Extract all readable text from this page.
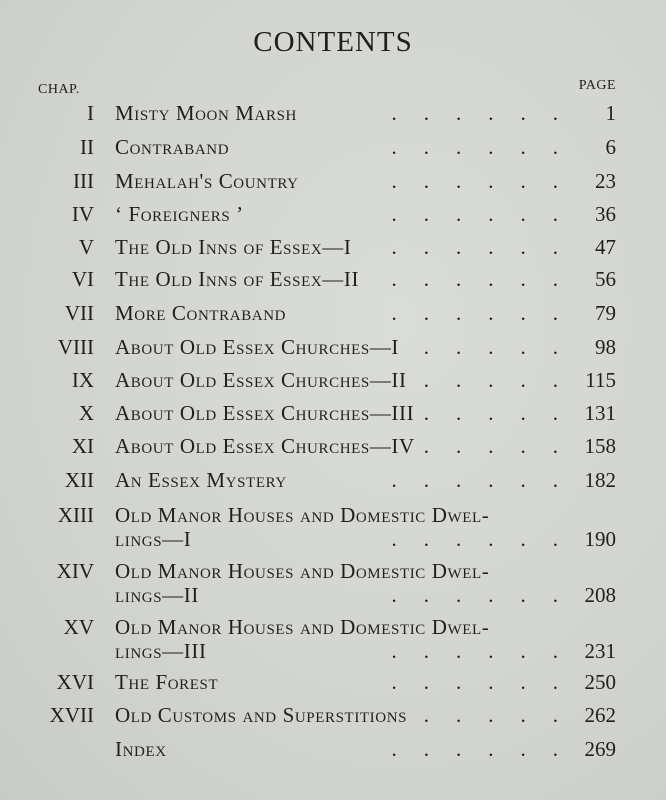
CONTENTS
CHAP.	PAGE
I Misty Moon Marsh	. . . . . .	1
II Contraband	. . . . . .	6
III Mehalah's Country	. . . . . .	23
IV ‘ Foreigners ’	. . . . . .	36
V The Old Inns of Essex—I . . . . . .	47
VI The Old Inns of Essex—II . . . . . .	56
VII More Contraband	. . . . . .	79
VIII About Old Essex Churches—I . . . . .	98
IX About Old Essex Churches—II . . . . .	115
X About Old Essex Churches—III . . . . .	131
XI About Old Essex Churches—IV . . . . .	158
XII An Essex Mystery	. . . . . .	182
XIII Old Manor Houses and Domestic Dwel-
lings—I	. . . . . .	190
XIV Old Manor Houses and Domestic Dwel-
lings—II	. . . . . .	208
XV Old Manor Houses and Domestic Dwel-
lings—III	. . . . . .	231
XVI The Forest	. . . . . .	250
XVII Old Customs and Superstitions . . . . .	262
Index	. . . . . .	269
